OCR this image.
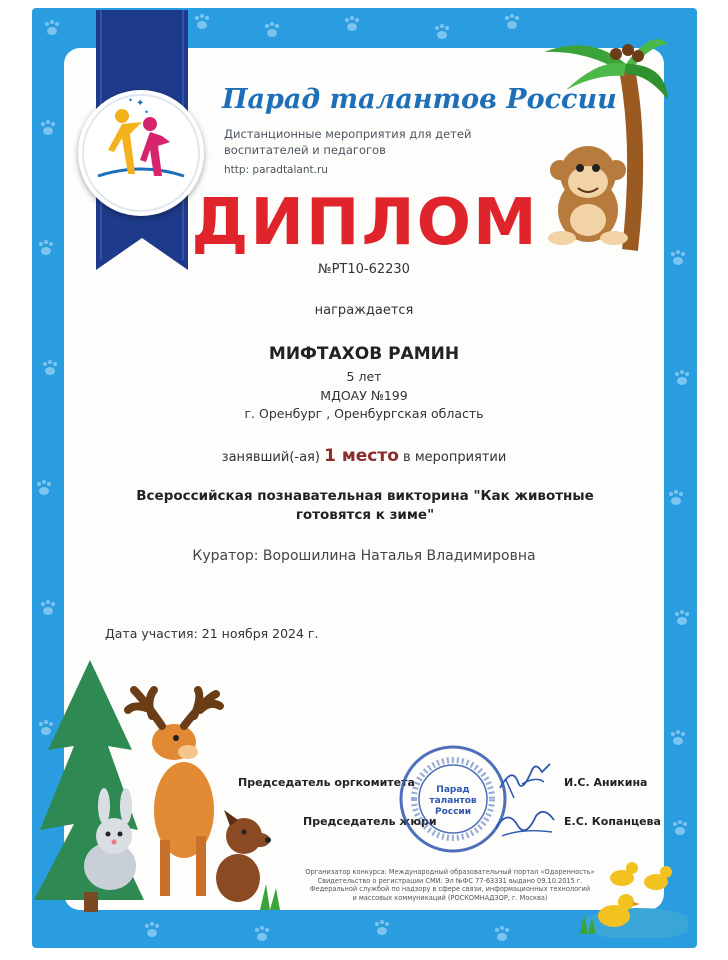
✦
✦
✦	Парад талантов России
Дистанционные мероприятия для детей воспитателей и педагогов
http: paradtalant.ru
ДИПЛОМ
№РТ10-62230
награждается
МИФТАХОВ РАМИН
5 лет
МДОАУ №199
г. Оренбург , Оренбургская область
занявший(-ая) 1 место в мероприятии
Всероссийская познавательная викторина "Как животные готовятся к зиме"
Куратор: Ворошилина Наталья Владимировна
Дата участия: 21 ноября 2024 г.
Председатель оргкомитета
Председатель жюри
И.С. Аникина
Е.С. Копанцева
Парад
талантов
России
Организатор конкурса: Международный образовательный портал «Одаренность»
Свидетельство о регистрации СМИ: Эл №ФС 77-63331 выдано 09.10.2015 г.
Федеральной службой по надзору в сфере связи, информационных технологий
и массовых коммуникаций (РОСКОМНАДЗОР, г. Москва)
